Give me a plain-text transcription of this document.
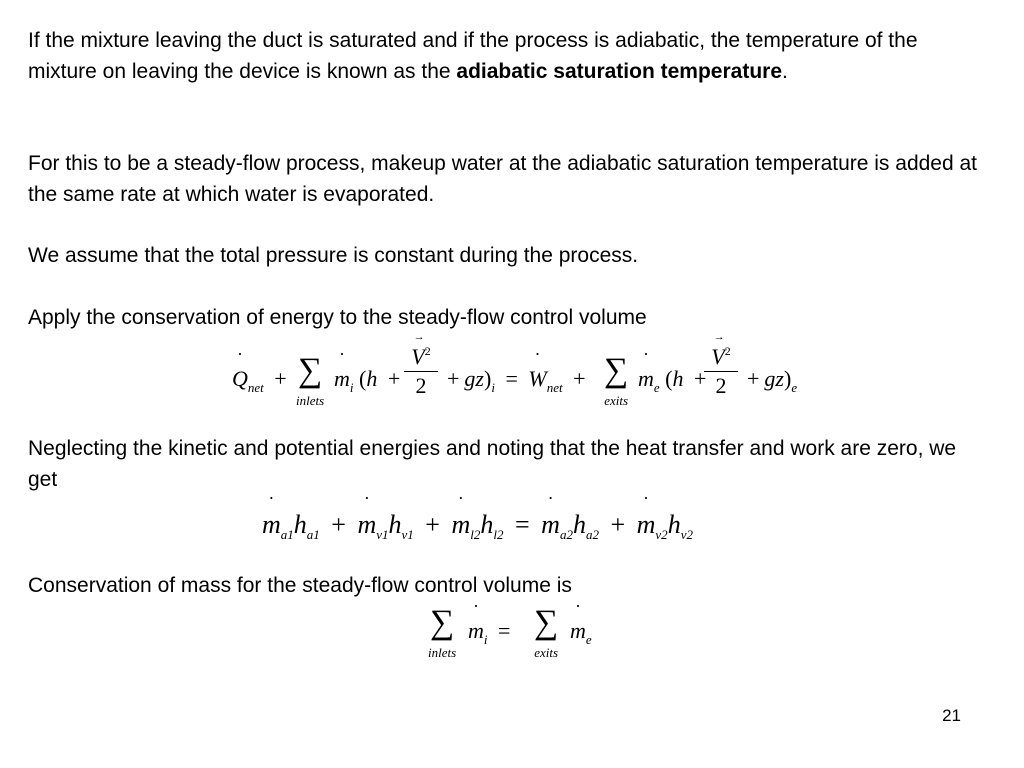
If the mixture leaving the duct is saturated and if the process is adiabatic, the temperature of the mixture on leaving the device is known as the adiabatic saturation temperature.

For this to be a steady-flow process, makeup water at the adiabatic saturation temperature is added at the same rate at which water is evaporated.

We assume that the total pressure is constant during the process.

Apply the conservation of energy to the steady-flow control volume

˙ $Q_{net}$ + ∑
inlets
˙ $m_i$ (h +
→ $V^2$
$2 + gz)_i$ = ˙ $W_{net}$ + ∑
exits
˙ $m_e$ (h +
→ $V^2$
$2 + gz)_e$

Neglecting the kinetic and potential energies and noting that the heat transfer and work are zero, we get

˙ $m_{a1}h_{a1}$ + ˙ $m_{v1}h_{v1}$ + ˙ $m_{l2}h_{l2}$ = ˙ $m_{a2}h_{a2}$ + ˙ $m_{v2}h_{v2}$

Conservation of mass for the steady-flow control volume is

∑
inlets
˙ $m_i$ = ∑
exits
˙ $m_e$
21
